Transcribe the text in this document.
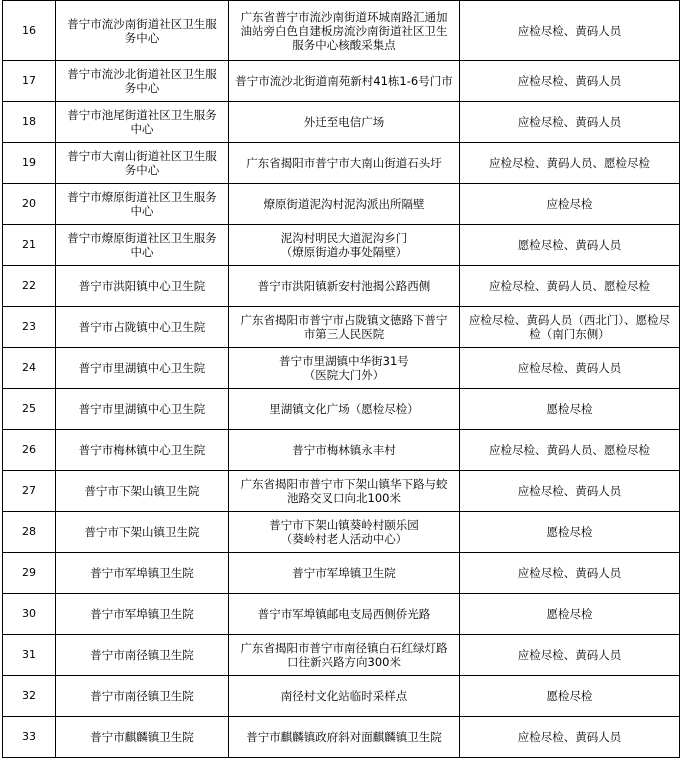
16	普宁市流沙南街道社区卫生服
务中心	广东省普宁市流沙南街道环城南路汇通加
油站旁白色自建板房流沙南街道社区卫生
服务中心核酸采集点	应检尽检、黄码人员

17	普宁市流沙北街道社区卫生服
务中心	普宁市流沙北街道南苑新村41栋1-6号门市	应检尽检、黄码人员

18	普宁市池尾街道社区卫生服务
中心	外迁至电信广场	应检尽检、黄码人员

19	普宁市大南山街道社区卫生服
务中心	广东省揭阳市普宁市大南山街道石头圩	应检尽检、黄码人员、愿检尽检

20	普宁市燎原街道社区卫生服务
中心	燎原街道泥沟村泥沟派出所隔壁	应检尽检

21	普宁市燎原街道社区卫生服务
中心	泥沟村明民大道泥沟乡门
（燎原街道办事处隔壁）	愿检尽检、黄码人员

22	普宁市洪阳镇中心卫生院	普宁市洪阳镇新安村池揭公路西侧	应检尽检、黄码人员、愿检尽检

23	普宁市占陇镇中心卫生院	广东省揭阳市普宁市占陇镇文德路下普宁
市第三人民医院	应检尽检、黄码人员（西北门）、愿检尽
检（南门东侧）

24	普宁市里湖镇中心卫生院	普宁市里湖镇中华街31号
（医院大门外）	应检尽检、黄码人员

25	普宁市里湖镇中心卫生院	里湖镇文化广场（愿检尽检）	愿检尽检

26	普宁市梅林镇中心卫生院	普宁市梅林镇永丰村	应检尽检、黄码人员、愿检尽检

27	普宁市下架山镇卫生院	广东省揭阳市普宁市下架山镇华下路与蛟
池路交叉口向北100米	应检尽检、黄码人员

28	普宁市下架山镇卫生院	普宁市下架山镇葵岭村颐乐园
（葵岭村老人活动中心）	愿检尽检

29	普宁市军埠镇卫生院	普宁市军埠镇卫生院	应检尽检、黄码人员

30	普宁市军埠镇卫生院	普宁市军埠镇邮电支局西侧侨光路	愿检尽检

31	普宁市南径镇卫生院	广东省揭阳市普宁市南径镇白石红绿灯路
口往新兴路方向300米	应检尽检、黄码人员

32	普宁市南径镇卫生院	南径村文化站临时采样点	愿检尽检

33	普宁市麒麟镇卫生院	普宁市麒麟镇政府斜对面麒麟镇卫生院	应检尽检、黄码人员
